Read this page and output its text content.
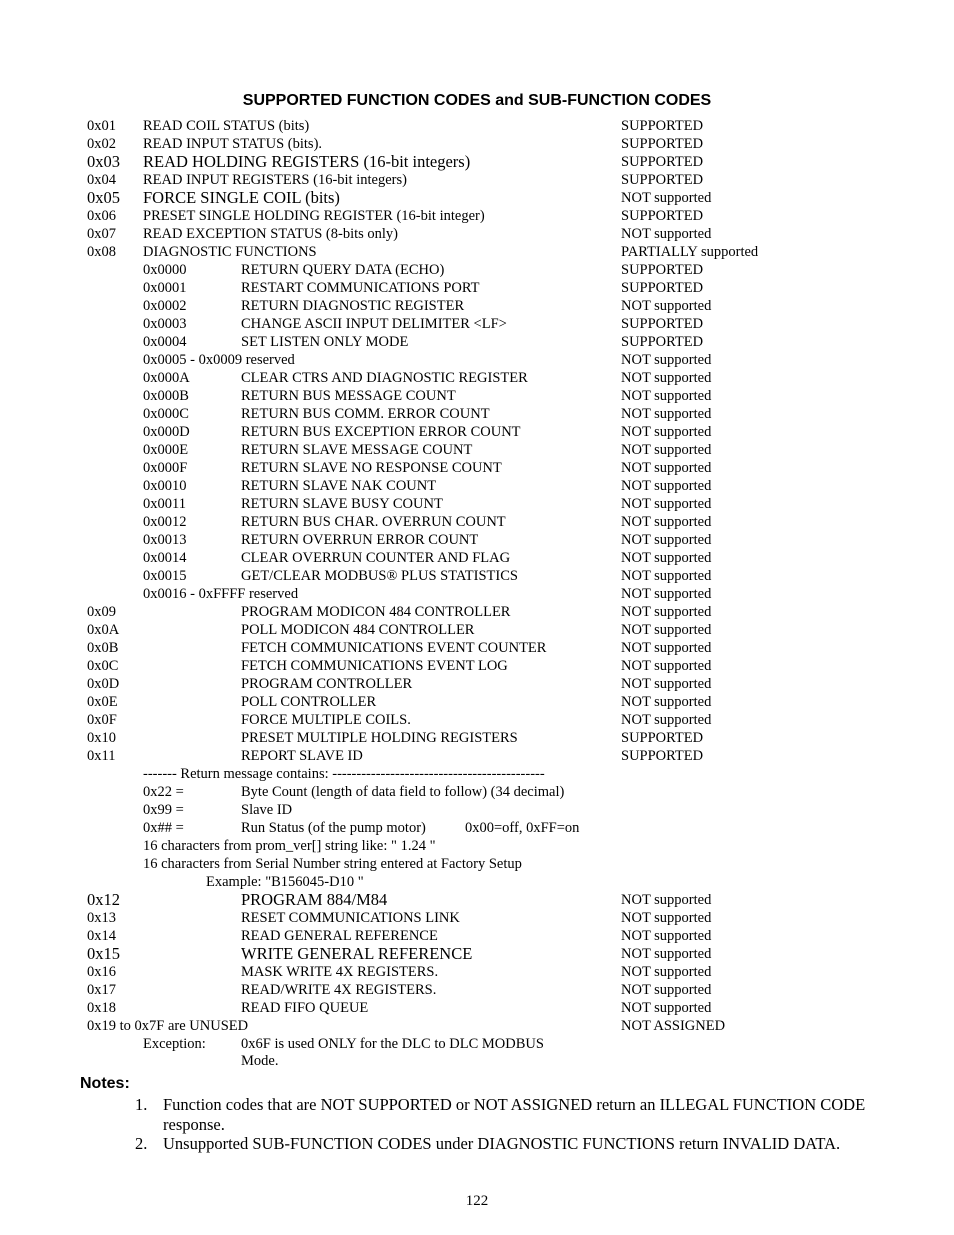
SUPPORTED FUNCTION CODES and SUB-FUNCTION CODES
0x01 READ COIL STATUS (bits)	SUPPORTED
0x02 READ INPUT STATUS (bits).	SUPPORTED
0x03 READ HOLDING REGISTERS (16-bit integers)	SUPPORTED
0x04 READ INPUT REGISTERS (16-bit integers)	SUPPORTED
0x05 FORCE SINGLE COIL (bits)	NOT supported
0x06 PRESET SINGLE HOLDING REGISTER (16-bit integer)	SUPPORTED
0x07 READ EXCEPTION STATUS (8-bits only)	NOT supported
0x08 DIAGNOSTIC FUNCTIONS	PARTIALLY supported
0x0000	RETURN QUERY DATA (ECHO)	SUPPORTED
0x0001	RESTART COMMUNICATIONS PORT	SUPPORTED
0x0002	RETURN DIAGNOSTIC REGISTER	NOT supported
0x0003	CHANGE ASCII INPUT DELIMITER <LF>	SUPPORTED
0x0004	SET LISTEN ONLY MODE	SUPPORTED
0x0005 - 0x0009 reserved	NOT supported
0x000A	CLEAR CTRS AND DIAGNOSTIC REGISTER	NOT supported
0x000B	RETURN BUS MESSAGE COUNT	NOT supported
0x000C	RETURN BUS COMM. ERROR COUNT	NOT supported
0x000D	RETURN BUS EXCEPTION ERROR COUNT	NOT supported
0x000E	RETURN SLAVE MESSAGE COUNT	NOT supported
0x000F	RETURN SLAVE NO RESPONSE COUNT	NOT supported
0x0010	RETURN SLAVE NAK COUNT	NOT supported
0x0011	RETURN SLAVE BUSY COUNT	NOT supported
0x0012	RETURN BUS CHAR. OVERRUN COUNT	NOT supported
0x0013	RETURN OVERRUN ERROR COUNT	NOT supported
0x0014	CLEAR OVERRUN COUNTER AND FLAG	NOT supported
0x0015	GET/CLEAR MODBUS® PLUS STATISTICS	NOT supported
0x0016 - 0xFFFF reserved	NOT supported
0x09	PROGRAM MODICON 484 CONTROLLER	NOT supported
0x0A	POLL MODICON 484 CONTROLLER	NOT supported
0x0B	FETCH COMMUNICATIONS EVENT COUNTER	NOT supported
0x0C	FETCH COMMUNICATIONS EVENT LOG	NOT supported
0x0D	PROGRAM CONTROLLER	NOT supported
0x0E	POLL CONTROLLER	NOT supported
0x0F	FORCE MULTIPLE COILS.	NOT supported
0x10	PRESET MULTIPLE HOLDING REGISTERS	SUPPORTED
0x11	REPORT SLAVE ID	SUPPORTED
------- Return message contains: --------------------------------------------
0x22 =	Byte Count (length of data field to follow) (34 decimal)
0x99 =	Slave ID
0x## =	Run Status (of the pump motor)	0x00=off, 0xFF=on
16 characters from prom_ver[] string like: " 1.24 "
16 characters from Serial Number string entered at Factory Setup
Example: "B156045-D10 "
0x12	PROGRAM 884/M84	NOT supported
0x13	RESET COMMUNICATIONS LINK	NOT supported
0x14	READ GENERAL REFERENCE	NOT supported
0x15	WRITE GENERAL REFERENCE	NOT supported
0x16	MASK WRITE 4X REGISTERS.	NOT supported
0x17	READ/WRITE 4X REGISTERS.	NOT supported
0x18	READ FIFO QUEUE	NOT supported
0x19 to 0x7F are UNUSED	NOT ASSIGNED
Exception: 0x6F is used ONLY for the DLC to DLC MODBUS
Mode.
Notes:
1. Function codes that are NOT SUPPORTED or NOT ASSIGNED return an ILLEGAL FUNCTION CODE response.
2. Unsupported SUB-FUNCTION CODES under DIAGNOSTIC FUNCTIONS return INVALID DATA.
122
